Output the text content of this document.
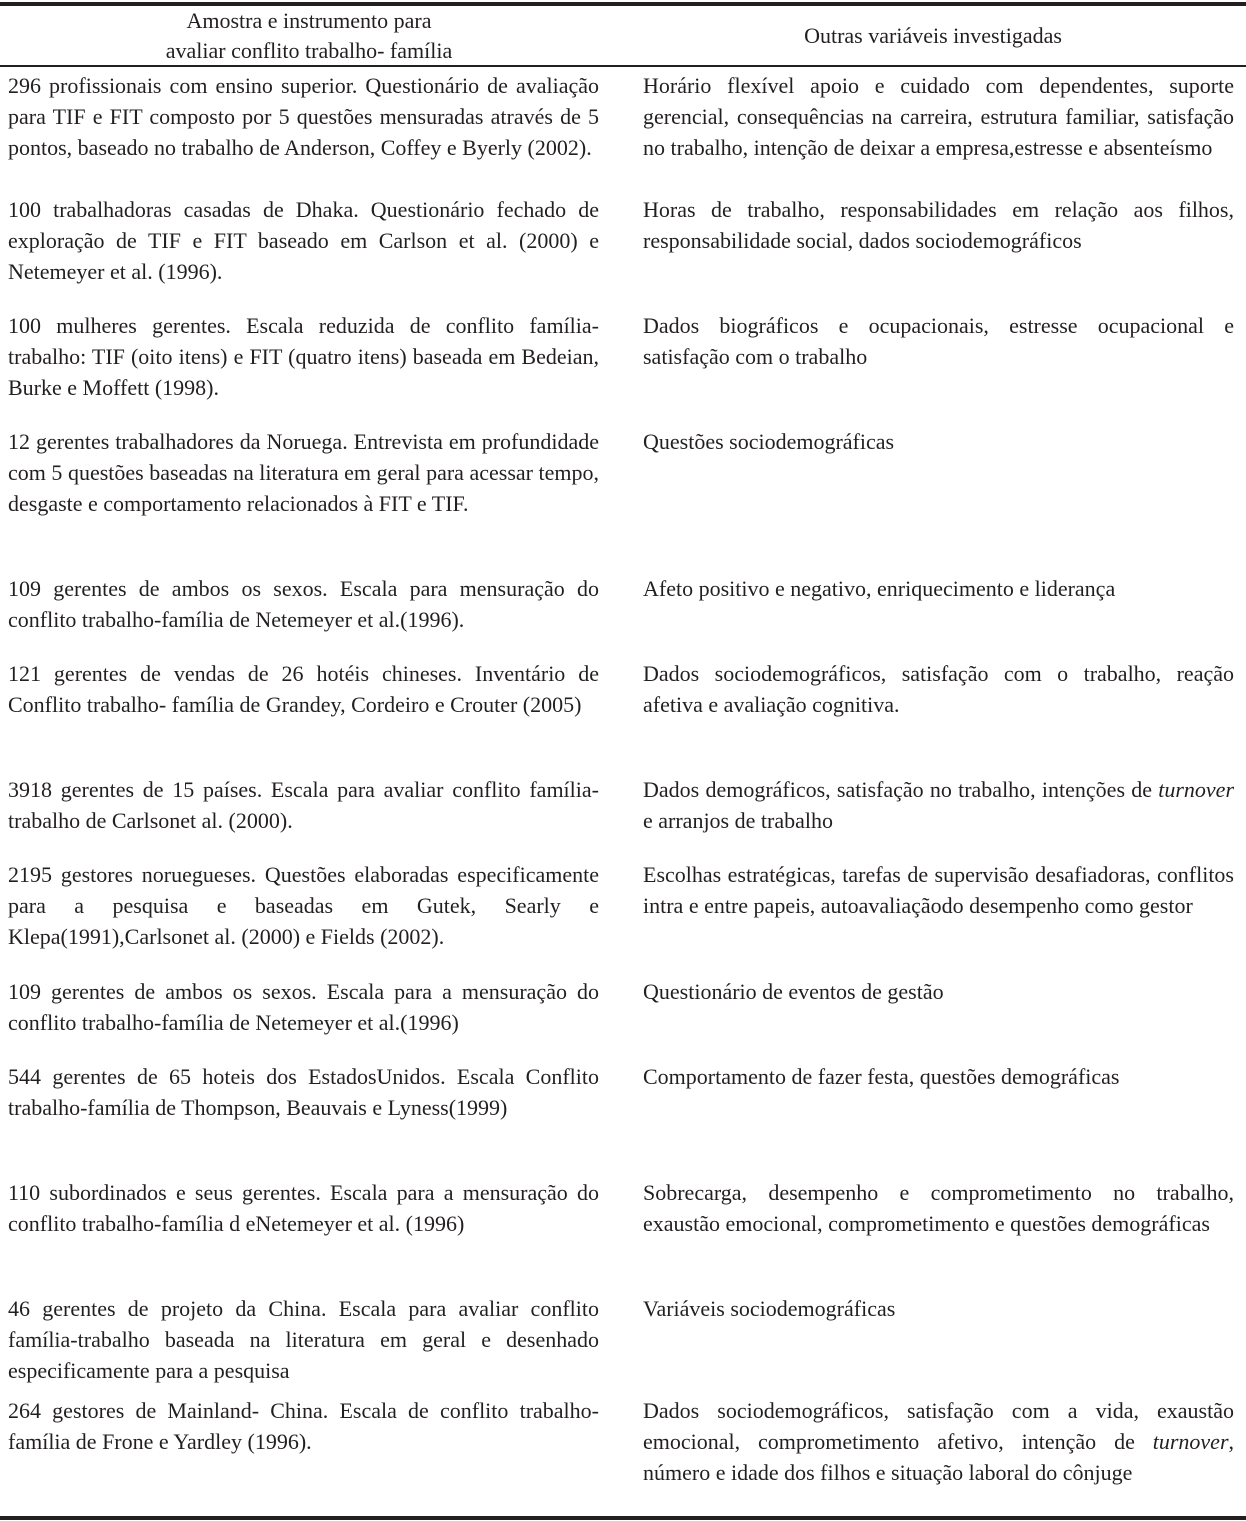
Amostra e instrumento para
avaliar conflito trabalho- família
Outras variáveis investigadas
296 profissionais com ensino superior. Questionário de avaliação para TIF e FIT composto por 5 questões mensuradas através de 5 pontos, baseado no trabalho de Anderson, Coffey e Byerly (2002).
Horário flexível apoio e cuidado com dependentes, suporte gerencial, consequências na carreira, estrutura familiar, satisfação no trabalho, intenção de deixar a empresa,estresse e absenteísmo
100 trabalhadoras casadas de Dhaka. Questionário fechado de exploração de TIF e FIT baseado em Carlson et al. (2000) e Netemeyer et al. (1996).
Horas de trabalho, responsabilidades em relação aos filhos, responsabilidade social, dados sociodemográficos
100 mulheres gerentes. Escala reduzida de conflito família-trabalho: TIF (oito itens) e FIT (quatro itens) baseada em Bedeian, Burke e Moffett (1998).
Dados biográficos e ocupacionais, estresse ocupacional e satisfação com o trabalho
12 gerentes trabalhadores da Noruega. Entrevista em profundidade com 5 questões baseadas na literatura em geral para acessar tempo, desgaste e comportamento relacionados à FIT e TIF.
Questões sociodemográficas
109 gerentes de ambos os sexos. Escala para mensuração do conflito trabalho-família de Netemeyer et al.(1996).
Afeto positivo e negativo, enriquecimento e liderança
121 gerentes de vendas de 26 hotéis chineses. Inventário de Conflito trabalho- família de Grandey, Cordeiro e Crouter (2005)
Dados sociodemográficos, satisfação com o trabalho, reação afetiva e avaliação cognitiva.
3918 gerentes de 15 países. Escala para avaliar conflito família-trabalho de Carlsonet al. (2000).
Dados demográficos, satisfação no trabalho, intenções de turnover e arranjos de trabalho
2195 gestores noruegueses. Questões elaboradas especificamente para a pesquisa e baseadas em Gutek, Searly e Klepa(1991),Carlsonet al. (2000) e Fields (2002).
Escolhas estratégicas, tarefas de supervisão desafiadoras, conflitos intra e entre papeis, autoavaliaçãodo desempenho como gestor
109 gerentes de ambos os sexos. Escala para a mensuração do conflito trabalho-família de Netemeyer et al.(1996)
Questionário de eventos de gestão
544 gerentes de 65 hoteis dos EstadosUnidos. Escala Conflito trabalho-família de Thompson, Beauvais e Lyness(1999)
Comportamento de fazer festa, questões demográficas
110 subordinados e seus gerentes. Escala para a mensuração do conflito trabalho-família d eNetemeyer et al. (1996)
Sobrecarga, desempenho e comprometimento no trabalho, exaustão emocional, comprometimento e questões demográficas
46 gerentes de projeto da China. Escala para avaliar conflito família-trabalho baseada na literatura em geral e desenhado especificamente para a pesquisa
Variáveis sociodemográficas
264 gestores de Mainland- China. Escala de conflito trabalho-família de Frone e Yardley (1996).
Dados sociodemográficos, satisfação com a vida, exaustão emocional, comprometimento afetivo, intenção de turnover, número e idade dos filhos e situação laboral do cônjuge
